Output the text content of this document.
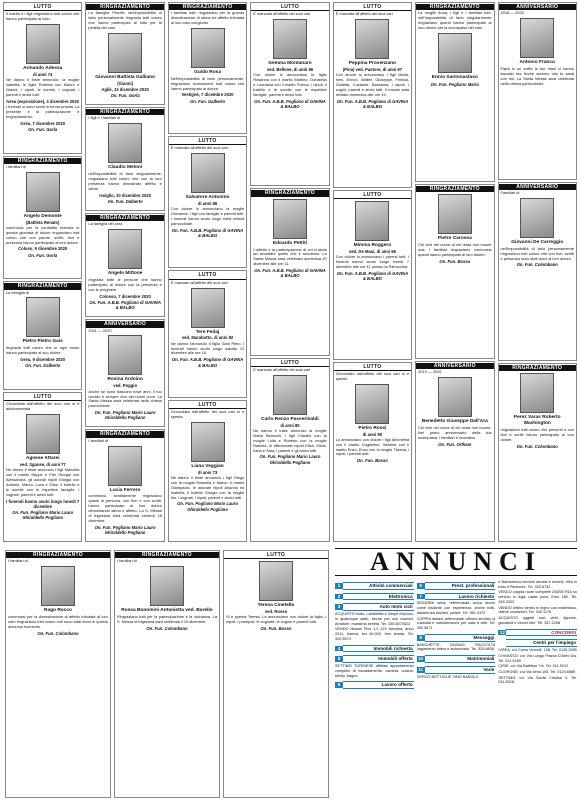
LUTTO
Il marito e i figli ringraziano tutti coloro che hanno partecipato al lutto.
Armando Adessa
di anni 74
Ne danno il triste annuncio: la moglie Isabella, le figlie Roberta con Mauro e Gianni, i nipoti, le sorelle, i cognati, i parenti e amici tutti.
Ivrea (esposizione), 3 dicembre 2020
I funerali si sono svolti in forma privata. La presente è di partecipazione e ringraziamento.
Ivrea, 7 dicembre 2020
On. Fun. Gorla
RINGRAZIAMENTO
I familiari di
Angelo Demonte
(Battista Renato)
commossi per la cordialità ricevuta in questa giornata di dolore ringraziano tutti coloro che con parole, scritti, fiori e presenza hanno partecipato al loro dolore.
Coloso, 9 dicembre 2020
On. Fun. Gorla
RINGRAZIAMENTO
La famiglia di
Pietro Pietro Gais
ringrazia tutti coloro che in ogni modo hanno partecipato al suo dolore.
Ivrea, 9 dicembre 2020
On. Fun. Dalberto
LUTTO
Circondata dall'affetto dei suoi cari si è addormentata
Agnese Attarei
ved. Sganse, di anni 77
Ne danno il triste annuncio i figli Marcella con il marito Beppe e Pier Giorgio con Alessandra, gli adorati nipoti Giorgia con Antonio, Marco, Luca e Elise, il fratello e le sorelle con le rispettive famiglie, i cognati, parenti e amici tutti.
I funerali hanno avuto luogo lunedì 7 dicembre
On. Fun. Pogliano Mario Lauro Ghiraldello Pogliano
RINGRAZIAMENTO
La famiglia Peruffo nell'impossibilità di farlo personalmente ringrazia tutti coloro che hanno partecipato al lutto per la perdita del caro
Giovanni Battista Galliano
(Gianni)
Agliè, 13 dicembre 2020
On. Fun. Gorla
RINGRAZIAMENTO
I figli e i familiari di
Claudio Meloni
nell'impossibilità di farlo singolarmente, ringraziano tutti coloro che con la loro presenza hanno dimostrato affetto e stima.
Issiglio, 10 dicembre 2020
On. Fun. Dalberto
RINGRAZIAMENTO
La famiglia del caro
Angelo Mittone
ringrazia tutte le persone che hanno partecipato al dolore con la presenza e con le preghiere.
Colosso, 7 dicembre 2020
On. Fun. A.B.B. Pogliano di GAVINA & BALBO
ANNIVERSARIO
2011 — 2020
Rosina Ardoino
ved. Poggio
Anche se sono trascorsi nove anni, il tuo ricordo è sempre vivo nei nostri cuori. La Santa Messa sarà celebrata nella chiesa parrocchiale.
On. Fun. Pogliano Mario Lauro Ghiraldello Pogliano
RINGRAZIAMENTO
I familiari di
Lucia Ferrero
commossi, sentitamente ringraziano quanti di persona, con fiori e con scritti, hanno partecipato al loro dolore dimostrando stima e affetto. La S. Messa di trigesima sarà celebrata venerdì 18 dicembre.
On. Fun. Pogliano Mario Lauro Ghiraldello Pogliano
RINGRAZIAMENTO
I familiari tutti, ringraziano per la grande dimostrazione di stima ed affetto tributata al loro caro congiunto
Guido Rosa
Nell'impossibilità di farlo personalmente, ringraziano riconoscenti tutti coloro che hanno partecipato al dolore.
Vestignè, 7 dicembre 2020
On. Fun. Dalberto
LUTTO
È mancato all'affetto dei suoi cari
Salvatore Antonino
di anni 86
Con dolore lo annunciano la moglie Giovanna, i figli con famiglie e parenti tutti. I funerali hanno avuto luogo nella chiesa parrocchiale.
On. Fun. A.B.B. Pogliano di GAVINA & BALBO
LUTTO
È mancato all'affetto dei suoi cari
Tere Fedaj
ved. Marabotto, di anni 92
Ne danno l'annuncio il figlio Gian Piero. I funerali hanno avuto luogo sabato 12 dicembre alle ore 10.
On. Fun. A.B.B. Pogliano di GAVINA & BALBO
LUTTO
Circondata dall'affetto dei suoi cari si è spenta
Liana Veggian
di anni 73
Ne danno il triste annuncio i figli Diego con la moglie Rossella e Marco, il marito Giampaolo, le adorate nipoti Arianna ed Isabella, il fratello Giorgio con la moglie Iris, i cognati, i nipoti, parenti e amici tutti.
On. Fun. Pogliano Mario Lauro Ghiraldello Pogliano
LUTTO
È mancata all'affetto dei suoi cari
Gemma Montanaro
ved. Bellone, di anni 96
Con dolore lo annunciano le figlie Rosanna con il marito Martino, Donatella e Loredana con il marito Franco, i nipoti, il fratello e le sorelle con le rispettive famiglie, parenti e amici tutti.
On. Fun. A.B.B. Pogliano di GAVINA & BALBO
RINGRAZIAMENTO
Edoardo Pettiti
L'affetto e la partecipazione di voi ci aiuta ad accettare quello che è successo. La Santa Messa sarà celebrata domenica 20 dicembre alle ore 11.
On. Fun. A.B.B. Pogliano di GAVINA & BALBO
LUTTO
È mancato all'affetto dei suoi cari
Carlo Renzo Passerinaldi
di anni 80
Ne danno il triste annuncio la moglie Maria Beninchi, i figli Claudio con la moglie Lidia e Roberto con la moglie Daniela, le affezionate nipoti Elisa, Silvia, Ilaria e Sara, i parenti e gli amici tutti.
On. Fun. Pogliano Mario Lauro Ghiraldello Pogliano
LUTTO
È mancata all'affetto dei suoi cari
Peppina Provenzano
(Pina) ved. Pastore, di anni 97
Con amore lo annunciano i figli Maria, Ines, Enrico, Walter, Giuseppe, Fenisia, Guiditta, Costante, Bassiana, i nipoti, i cugini, parenti e amici tutti. Il rosario sarà recitato domenica alle ore 19.
On. Fun. A.B.B. Pogliano di GAVINA & BALBO
LUTTO
Mimma Roggero
ved. De Masi, di anni 96
Con dolore lo annunciano i parenti tutti. I funerali hanno avuto luogo lunedì 7 dicembre alle ore 11 presso la Parrocchia.
On. Fun. A.B.B. Pogliano di GAVINA & BALBO
LUTTO
Circondato dall'affetto dei suoi cari si è spento
Pietro Rossi
di anni 90
Lo annunciano con dolore i figli Antonietta con il marito Guglielmo, Sabrina con il marito Enzo, Enzo con la moglie Tiziana, i nipoti, i parenti tutti.
On. Fun. Bosso
RINGRAZIAMENTO
La moglie Anna, i figli e i familiari tutti, nell'impossibilità di farlo singolarmente ringraziano quanti hanno partecipato al loro dolore per la scomparsa del caro
Ennio Santonastaso
On. Fun. Pogliano Mario
RINGRAZIAMENTO
Pietro Carossa
Chi vive nel cuore di chi resta non muore mai. I familiari ringraziano commossi quanti hanno partecipato al loro dolore.
On. Fun. Bosso
ANNIVERSARIO
2019 — 2020
Benedetto Giuseppe Dall'Ara
Chi vive nel cuore di chi resta non muore. Nel primo anniversario della tua scomparsa, i familiari ti ricordano.
On. Fun. Ortham
ANNIVERSARIO
2016 — 2020
Antonio Franco
Papà in un soffio le tue mani ci hanno lasciato ma finché avremo vita tu sarai con noi. La Santa Messa sarà celebrata nella chiesa parrocchiale.
ANNIVERSARIO
Familiari di
Giovanni De Carreggio
nell'impossibilità di farlo personalmente ringraziano tutti coloro che con fiori, scritti e presenza sono stati vicini al loro dolore.
On. Fun. Colombano
RINGRAZIAMENTO
Perez Varas Roberto Washington
ringraziano tutti coloro che presenti o con fiori e scritti hanno partecipato al loro dolore.
On. Fun. Colombano
RINGRAZIAMENTO
I familiari di
Rago Rocco
commossi per la dimostrazione di affetto tributata al loro caro ringraziano tutti coloro che sono stati vicini in questo doloroso momento.
On. Fun. Colombano
RINGRAZIAMENTO
I familiari di
Rossa Bonomini Antonietta ved. Borello
Ringraziano tutti per la partecipazione e la vicinanza. La S. Messa di trigesima sarà celebrata il 19 dicembre.
On. Fun. Colombano
LUTTO
Teresa Cinetello
ved. Rosso
Si è spenta Teresa. La annunciano con dolore la figlia, i nipoti, i pronipoti, le cognate, le cugine e parenti tutti.
On. Fun. Bosso
ANNUNCI
1	Attività commerciali
2	Elettronica
3	Auto moto cicli
ACQUISTO moto, Lambretta e Vespe d'epoca, in qualunque stato, anche per uso ricambi. Amatore, massima serietà. Tel. 335.6070522
VENDO Nissan Pixo 1.0 12V benzina, anno 2011, bianca, km 60.000, ben tenuta. Tel. 320.5574
4	Immobili richiesta
5	Immobili offerta
SETTIMO TORINESE affittasi appartamento completo di riscaldamento, camera, cucina, tinello, bagno.
9	Lavoro offerto
6	Prest. professionali
7	Lavoro richiesto
SIGNORA seria, referenziata cerca lavoro come badante con esperienza, anche notti, assistenza anziani, pulizie. Tel. 351.2470
COPPIA italiani, referenziati, offrono servizio di custodia e manutenzione per case e ville. Tel. 392.4671
8	Messaggi
BANCHETTE, DIVANO, RACCOLTA pagamento intero e autorizzato. Tel. 329.8836
10	Matrimoniali
11	Varie
CERCO BOTTIGLIE VINO BAROLO
e Barbaresco vecchie annate e recenti, ritiro in tutto il Piemonte. Tel. 333.6732
VENDO coppia ruote complete 205/55 R16 su cerchio in lega, usate poco. Euro 180. Tel. 349.3322
VENDO lettino bimbo in legno con materasso, ottime condizioni. Tel. 340.1176
ACQUISTO oggetti vari, vinili, figurine, giocattoli e vecchi libri. Tel. 347.2208
12	CONCORSI
Centri per l'impiego
IVREA: c/o Corso Vercelli, 138. Tel. 0125.2595
CHIVASSO: c/o Via Lungo Piazza D'Armi 6/a. Tel. 011.9180
CIRIÈ: c/o Via Battitore 7/a. Tel. 011.9212
CUORGNÈ: c/o Via Ivrea 100. Tel. 0124.6589
SETTIMO: c/o Via Santa Cristina 3. Tel. 011.8028
